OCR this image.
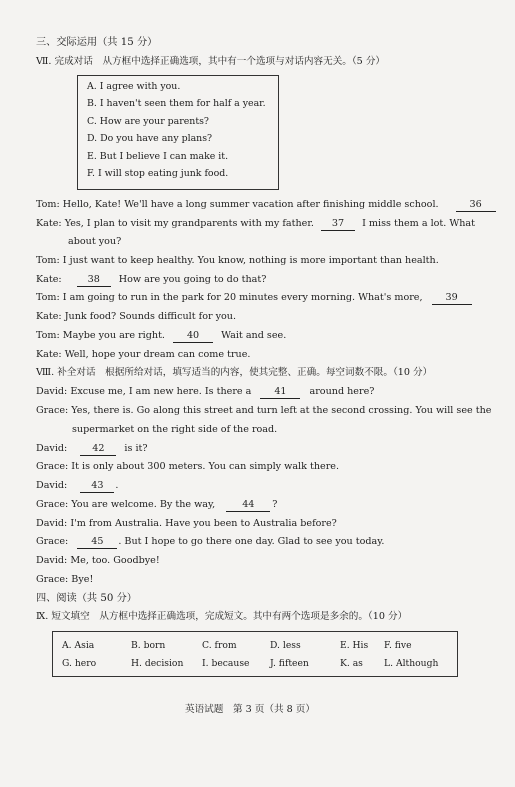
三、交际运用（共 15 分）
Ⅶ. 完成对话　从方框中选择正确选项，其中有一个选项与对话内容无关。（5 分）
A. I agree with you.
B. I haven't seen them for half a year.
C. How are your parents?
D. Do you have any plans?
E. But I believe I can make it.
F. I will stop eating junk food.
Tom: Hello, Kate! We'll have a long summer vacation after finishing middle school.	36
Kate: Yes, I plan to visit my grandparents with my father. 37 I miss them a lot. What
about you?
Tom: I just want to keep healthy. You know, nothing is more important than health.
Kate:	38 How are you going to do that?
Tom: I am going to run in the park for 20 minutes every morning. What's more, 39
Kate: Junk food? Sounds difficult for you.
Tom: Maybe you are right. 40 Wait and see.
Kate: Well, hope your dream can come true.
Ⅷ. 补全对话　根据所给对话，填写适当的内容，使其完整、正确。每空词数不限。（10 分）
David: Excuse me, I am new here. Is there a 41 around here?
Grace: Yes, there is. Go along this street and turn left at the second crossing. You will see the
supermarket on the right side of the road.
David:	42 is it?
Grace: It is only about 300 meters. You can simply walk there.
David: 43 .
Grace: You are welcome. By the way,	44 ?
David: I'm from Australia. Have you been to Australia before?
Grace: 45 . But I hope to go there one day. Glad to see you today.
David: Me, too. Goodbye!
Grace: Bye!
四、阅读（共 50 分）
Ⅸ. 短文填空　从方框中选择正确选项，完成短文。其中有两个选项是多余的。（10 分）
A. Asia	B. born	C. from	D. less	E. His F. five
G. hero	H. decision I. because J. fifteen	K. as L. Although
英语试题　第 3 页（共 8 页）
